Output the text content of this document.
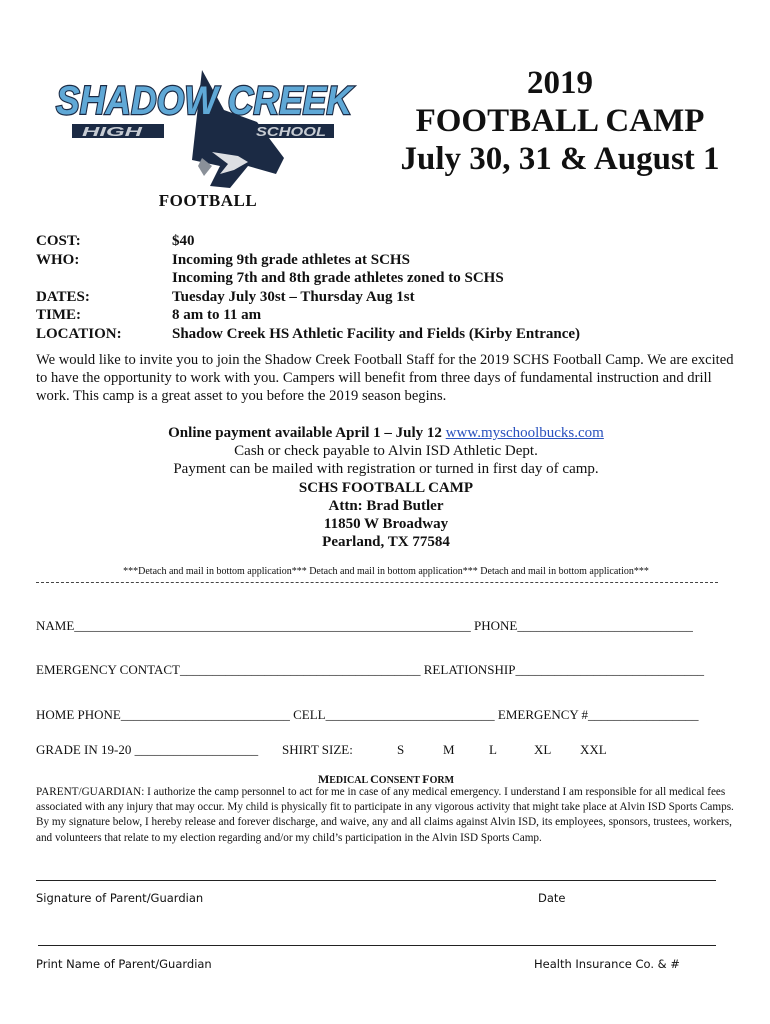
SHADOW CREEK
HIGH	SCHOOL
FOOTBALL
2019
FOOTBALL CAMP
July 30, 31 & August 1
COST:	$40
WHO:	Incoming 9th grade athletes at SCHS
Incoming 7th and 8th grade athletes zoned to SCHS
DATES:	Tuesday July 30st – Thursday Aug 1st
TIME:	8 am to 11 am
LOCATION:	Shadow Creek HS Athletic Facility and Fields (Kirby Entrance)
We would like to invite you to join the Shadow Creek Football Staff for the 2019 SCHS Football Camp. We are excited to have the opportunity to work with you. Campers will benefit from three days of fundamental instruction and drill work. This camp is a great asset to you before the 2019 season begins.
Online payment available April 1 – July 12 www.myschoolbucks.com
Cash or check payable to Alvin ISD Athletic Dept.
Payment can be mailed with registration or turned in first day of camp.
SCHS FOOTBALL CAMP
Attn: Brad Butler
11850 W Broadway
Pearland, TX 77584
***Detach and mail in bottom application*** Detach and mail in bottom application*** Detach and mail in bottom application***
NAME_____________________________________________________________ PHONE___________________________
EMERGENCY CONTACT_____________________________________ RELATIONSHIP_____________________________
HOME PHONE__________________________ CELL__________________________ EMERGENCY #_________________
GRADE IN 19-20 ___________________	SHIRT SIZE:	S	M	L	XL XXL
MEDICAL CONSENT FORM
PARENT/GUARDIAN: I authorize the camp personnel to act for me in case of any medical emergency. I understand I am responsible for all medical fees associated with any injury that may occur. My child is physically fit to participate in any vigorous activity that might take place at Alvin ISD Sports Camps. By my signature below, I hereby release and forever discharge, and waive, any and all claims against Alvin ISD, its employees, sponsors, trustees, workers, and volunteers that relate to my election regarding and/or my child’s participation in the Alvin ISD Sports Camp.
Signature of Parent/Guardian	Date
Print Name of Parent/Guardian	Health Insurance Co. & #
